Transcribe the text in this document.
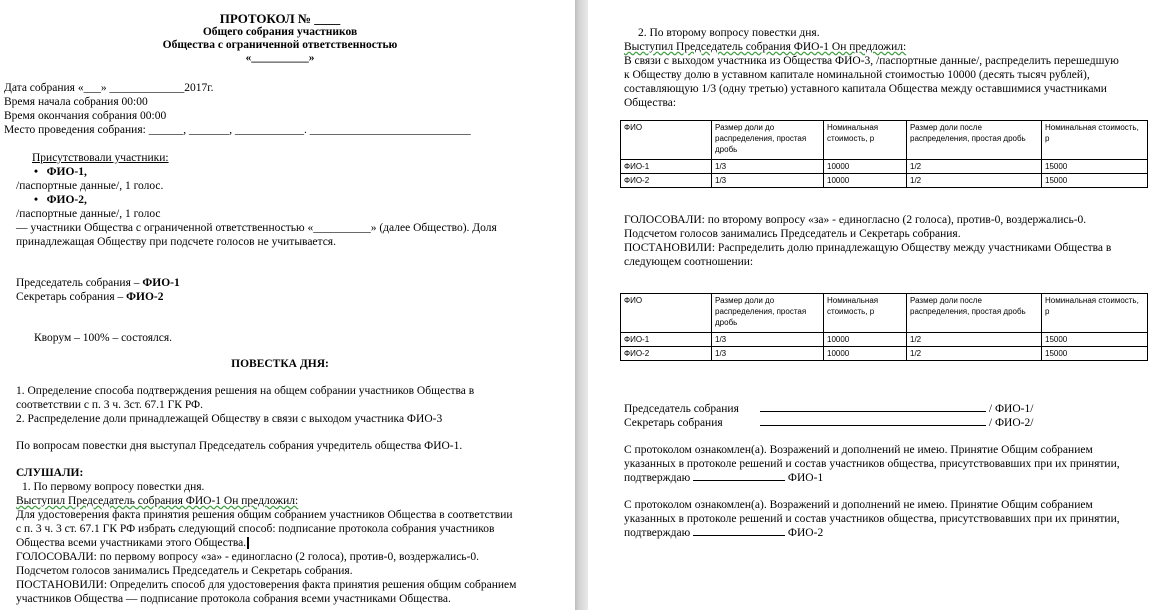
ПРОТОКОЛ № ____
Общего собрания участников
Общества с ограниченной ответственностью
«__________»
Дата собрания «___» _____________2017г.
Время начала собрания 00:00
Время окончания собрания 00:00
Место проведения собрания: ______, _______, ____________. ____________________________
Присутствовали участники:
•   ФИО-1,
/паспортные данные/, 1 голос.
•   ФИО-2,
/паспортные данные/, 1 голос
— участники Общества с ограниченной ответственностью «__________» (далее Общество). Доля
принадлежащая Обществу при подсчете голосов не учитывается.
Председатель собрания – ФИО-1
Секретарь собрания – ФИО-2
Кворум – 100% – состоялся.
ПОВЕСТКА ДНЯ:
1. Определение способа подтверждения решения на общем собрании участников Общества в
соответствии с п. 3 ч. 3ст. 67.1 ГК РФ.
2. Распределение доли принадлежащей Обществу в связи с выходом участника ФИО-3
По вопросам повестки дня выступал Председатель собрания учредитель общества ФИО-1.
СЛУШАЛИ:
1. По первому вопросу повестки дня.
Выступил Председатель собрания ФИО-1 Он предложил:
Для удостоверения факта принятия решения общим собранием участников Общества в соответствии
с п. 3 ч. 3 ст. 67.1 ГК РФ избрать следующий способ: подписание протокола собрания участников
Общества всеми участниками этого Общества.
ГОЛОСОВАЛИ: по первому вопросу «за» - единогласно (2 голоса), против-0, воздержались-0.
Подсчетом голосов занимались Председатель и Секретарь собрания.
ПОСТАНОВИЛИ: Определить способ для удостоверения факта принятия решения общим собранием
участников Общества — подписание протокола собрания всеми участниками Общества.
2. По второму вопросу повестки дня.
Выступил Председатель собрания ФИО-1 Он предложил:
В связи с выходом участника из Общества ФИО-3, /паспортные данные/, распределить перешедшую
к Обществу долю в уставном капитале номинальной стоимостью 10000 (десять тысяч рублей),
составляющую 1/3 (одну третью) уставного капитала Общества между оставшимися участниками
Общества:
ФИО	Размер доли до распределения, простая дробь	Номинальная стоимость, р	Размер доли после распределения, простая дробь	Номинальная стоимость, р
ФИО-1	1/3	10000	1/2	15000
ФИО-2	1/3	10000	1/2	15000
ГОЛОСОВАЛИ: по второму вопросу «за» - единогласно (2 голоса), против-0, воздержались-0.
Подсчетом голосов занимались Председатель и Секретарь собрания.
ПОСТАНОВИЛИ: Распределить долю принадлежащую Обществу между участниками Общества в
следующем соотношении:
ФИО	Размер доли до распределения, простая дробь	Номинальная стоимость, р	Размер доли после распределения, простая дробь	Номинальная стоимость, р
ФИО-1	1/3	10000	1/2	15000
ФИО-2	1/3	10000	1/2	15000
Председатель собрания	/ ФИО-1/
Секретарь собрания	/ ФИО-2/
С протоколом ознакомлен(а). Возражений и дополнений не имею. Принятие Общим собранием
указанных в протоколе решений и состав участников общества, присутствовавших при их принятии,
подтверждаю	ФИО-1
С протоколом ознакомлен(а). Возражений и дополнений не имею. Принятие Общим собранием
указанных в протоколе решений и состав участников общества, присутствовавших при их принятии,
подтверждаю	ФИО-2
